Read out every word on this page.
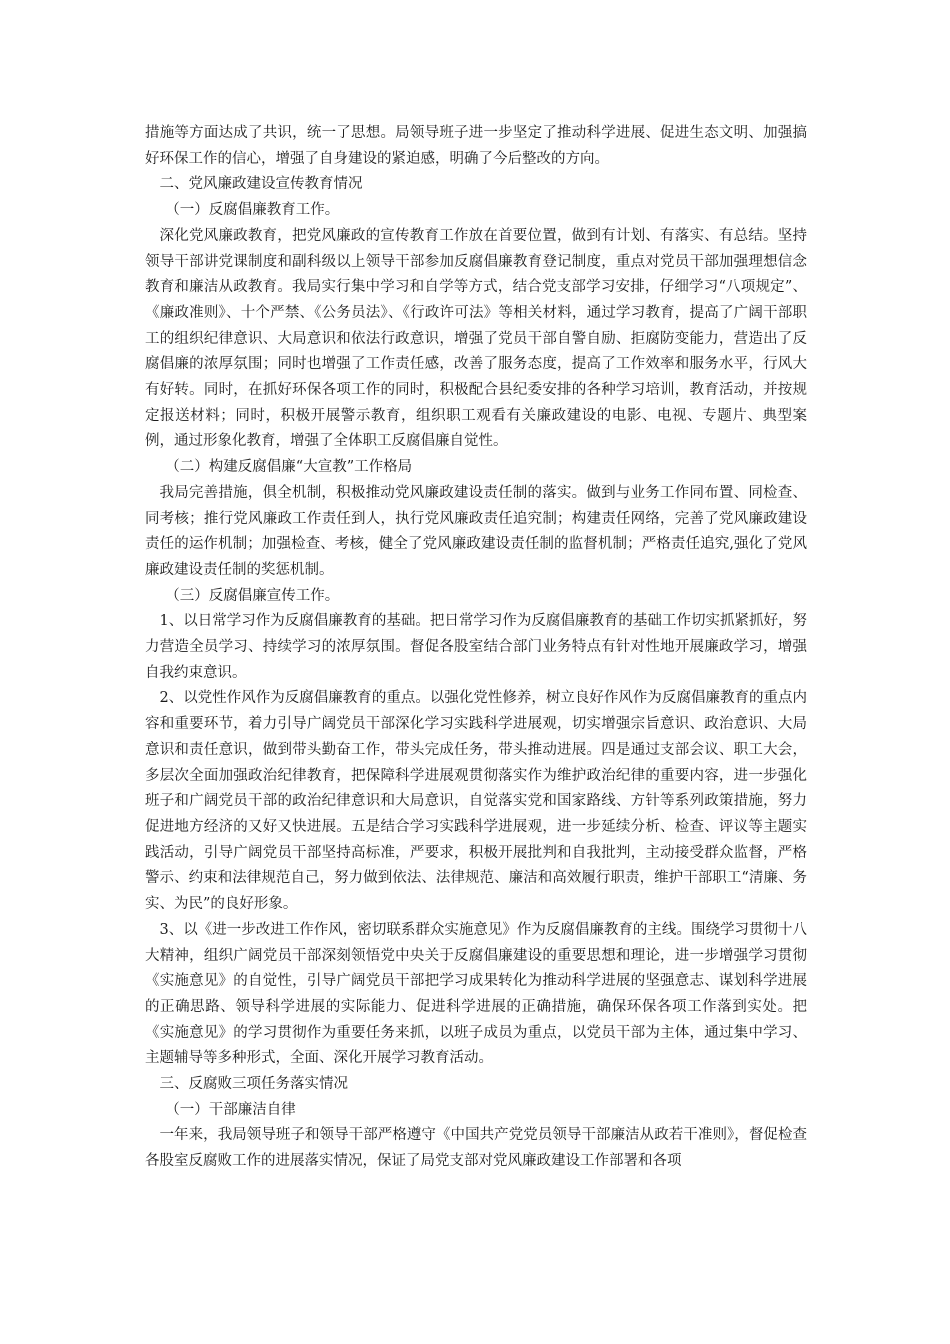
措施等方面达成了共识，统一了思想。局领导班子进一步坚定了推动科学进展、促进生态文明、加强搞好环保工作的信心，增强了自身建设的紧迫感，明确了今后整改的方向。

二、党风廉政建设宣传教育情况

（一）反腐倡廉教育工作。

深化党风廉政教育，把党风廉政的宣传教育工作放在首要位置，做到有计划、有落实、有总结。坚持领导干部讲党课制度和副科级以上领导干部参加反腐倡廉教育登记制度，重点对党员干部加强理想信念教育和廉洁从政教育。我局实行集中学习和自学等方式，结合党支部学习安排，仔细学习“八项规定”、《廉政准则》、十个严禁、《公务员法》、《行政许可法》等相关材料，通过学习教育，提高了广阔干部职工的组织纪律意识、大局意识和依法行政意识，增强了党员干部自警自励、拒腐防变能力，营造出了反腐倡廉的浓厚氛围；同时也增强了工作责任感，改善了服务态度，提高了工作效率和服务水平，行风大有好转。同时，在抓好环保各项工作的同时，积极配合县纪委安排的各种学习培训，教育活动，并按规定报送材料；同时，积极开展警示教育，组织职工观看有关廉政建设的电影、电视、专题片、典型案例，通过形象化教育，增强了全体职工反腐倡廉自觉性。

（二）构建反腐倡廉“大宣教”工作格局

我局完善措施，俱全机制，积极推动党风廉政建设责任制的落实。做到与业务工作同布置、同检查、同考核；推行党风廉政工作责任到人，执行党风廉政责任追究制；构建责任网络，完善了党风廉政建设责任的运作机制；加强检查、考核，健全了党风廉政建设责任制的监督机制；严格责任追究,强化了党风廉政建设责任制的奖惩机制。

（三）反腐倡廉宣传工作。

1、以日常学习作为反腐倡廉教育的基础。把日常学习作为反腐倡廉教育的基础工作切实抓紧抓好，努力营造全员学习、持续学习的浓厚氛围。督促各股室结合部门业务特点有针对性地开展廉政学习，增强自我约束意识。

2、以党性作风作为反腐倡廉教育的重点。以强化党性修养，树立良好作风作为反腐倡廉教育的重点内容和重要环节，着力引导广阔党员干部深化学习实践科学进展观，切实增强宗旨意识、政治意识、大局意识和责任意识，做到带头勤奋工作，带头完成任务，带头推动进展。四是通过支部会议、职工大会，多层次全面加强政治纪律教育，把保障科学进展观贯彻落实作为维护政治纪律的重要内容，进一步强化班子和广阔党员干部的政治纪律意识和大局意识，自觉落实党和国家路线、方针等系列政策措施，努力促进地方经济的又好又快进展。五是结合学习实践科学进展观，进一步延续分析、检查、评议等主题实践活动，引导广阔党员干部坚持高标准，严要求，积极开展批判和自我批判，主动接受群众监督，严格警示、约束和法律规范自己，努力做到依法、法律规范、廉洁和高效履行职责，维护干部职工“清廉、务实、为民”的良好形象。

3、以《进一步改进工作作风，密切联系群众实施意见》作为反腐倡廉教育的主线。围绕学习贯彻十八大精神，组织广阔党员干部深刻领悟党中央关于反腐倡廉建设的重要思想和理论，进一步增强学习贯彻《实施意见》的自觉性，引导广阔党员干部把学习成果转化为推动科学进展的坚强意志、谋划科学进展的正确思路、领导科学进展的实际能力、促进科学进展的正确措施，确保环保各项工作落到实处。把《实施意见》的学习贯彻作为重要任务来抓，以班子成员为重点，以党员干部为主体，通过集中学习、主题辅导等多种形式，全面、深化开展学习教育活动。

三、反腐败三项任务落实情况

（一）干部廉洁自律

一年来，我局领导班子和领导干部严格遵守《中国共产党党员领导干部廉洁从政若干准则》，督促检查各股室反腐败工作的进展落实情况，保证了局党支部对党风廉政建设工作部署和各项
